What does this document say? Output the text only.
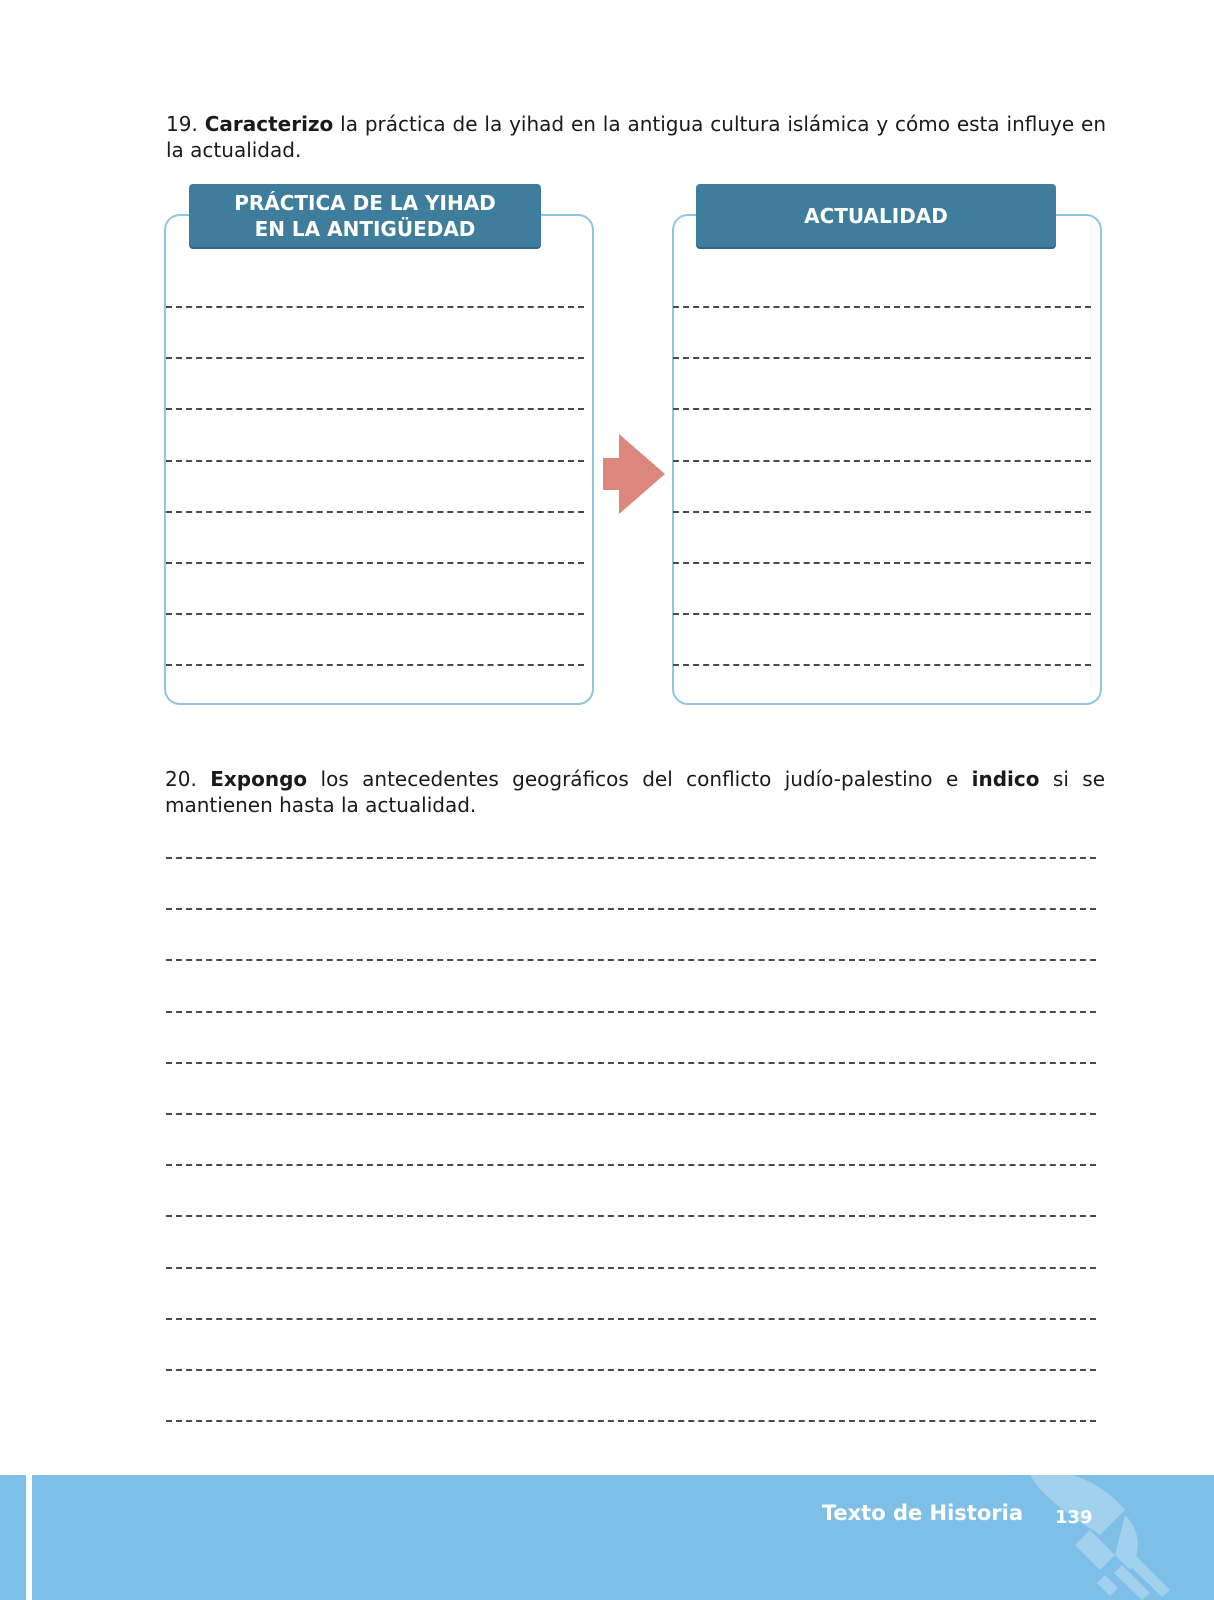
19. Caracterizo la práctica de la yihad en la antigua cultura islámica y cómo esta influye en la actualidad.
PRÁCTICA DE LA YIHAD EN LA ANTIGÜEDAD
ACTUALIDAD
20. Expongo los antecedentes geográficos del conflicto judío-palestino e indico si se mantienen hasta la actualidad.
Texto de Historia 139
